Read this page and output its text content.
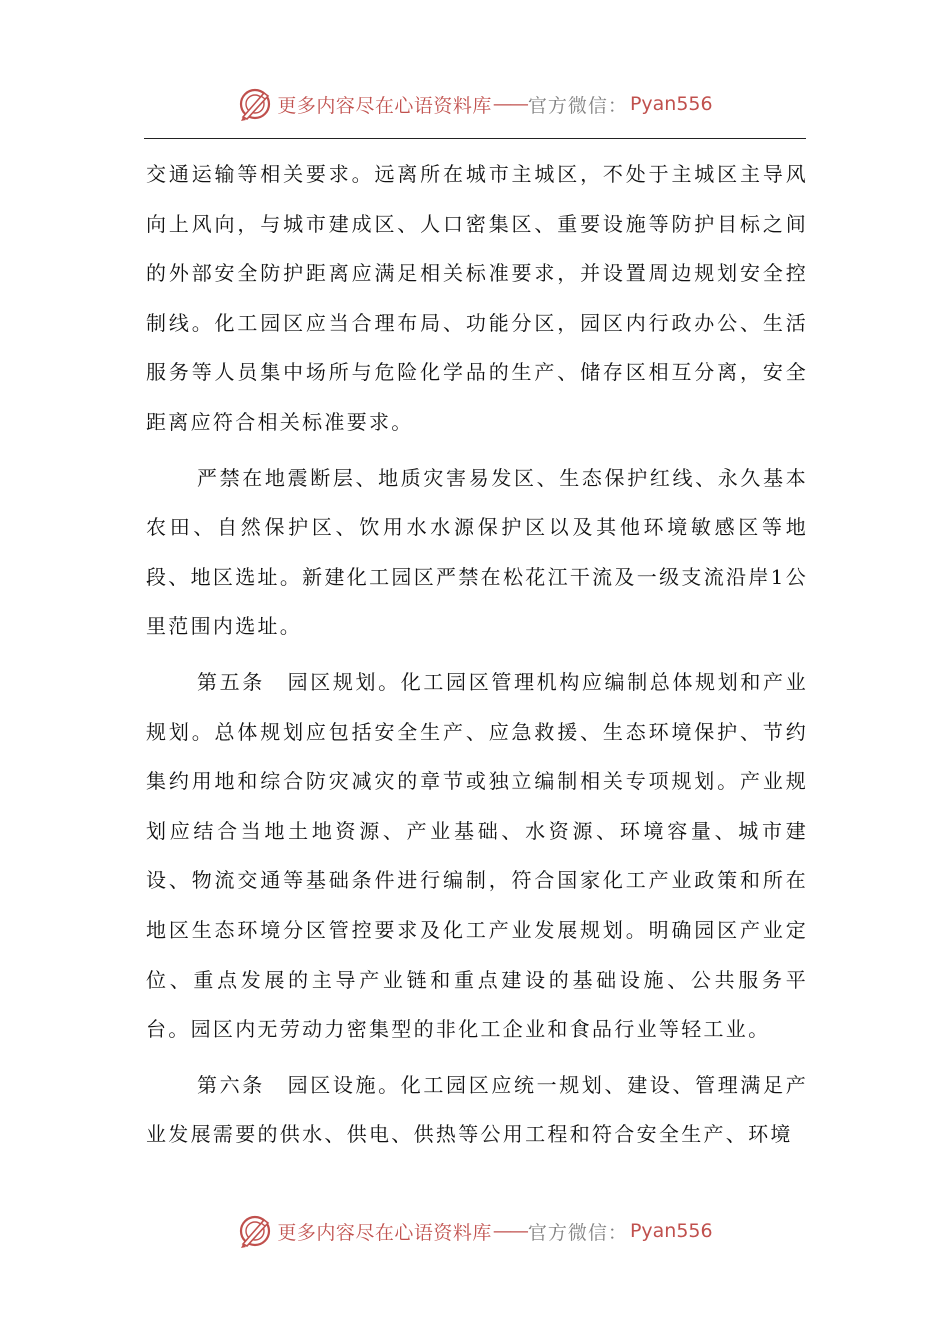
更多内容尽在心语资料库 —— 官方微信： Pyan556

交通运输等相关要求。远离所在城市主城区，不处于主城区主导风向上风向，与城市建成区、人口密集区、重要设施等防护目标之间的外部安全防护距离应满足相关标准要求，并设置周边规划安全控制线。化工园区应当合理布局、功能分区，园区内行政办公、生活服务等人员集中场所与危险化学品的生产、储存区相互分离，安全距离应符合相关标准要求。

严禁在地震断层、地质灾害易发区、生态保护红线、永久基本农田、自然保护区、饮用水水源保护区以及其他环境敏感区等地段、地区选址。新建化工园区严禁在松花江干流及一级支流沿岸1公里范围内选址。

第五条　园区规划。化工园区管理机构应编制总体规划和产业规划。总体规划应包括安全生产、应急救援、生态环境保护、节约集约用地和综合防灾减灾的章节或独立编制相关专项规划。产业规划应结合当地土地资源、产业基础、水资源、环境容量、城市建设、物流交通等基础条件进行编制，符合国家化工产业政策和所在地区生态环境分区管控要求及化工产业发展规划。明确园区产业定位、重点发展的主导产业链和重点建设的基础设施、公共服务平台。园区内无劳动力密集型的非化工企业和食品行业等轻工业。

第六条　园区设施。化工园区应统一规划、建设、管理满足产业发展需要的供水、供电、供热等公用工程和符合安全生产、环境

更多内容尽在心语资料库 —— 官方微信： Pyan556
